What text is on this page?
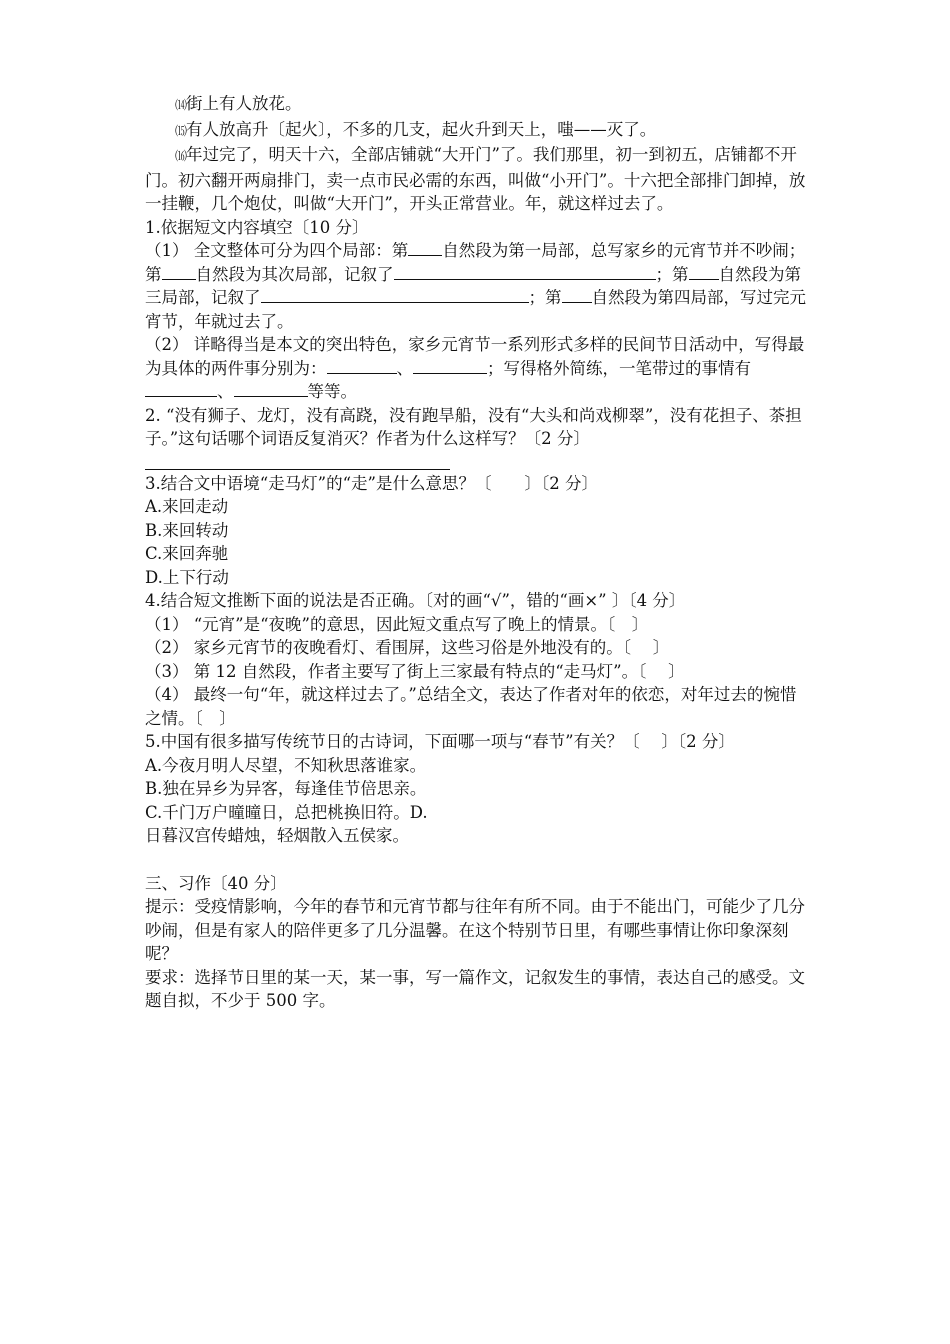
⒁街上有人放花。

⒂有人放高升〔起火〕，不多的几支，起火升到天上，嗤——灭了。

⒃年过完了，明天十六，全部店铺就“大开门”了。我们那里，初一到初五，店铺都不开门。初六翻开两扇排门，卖一点市民必需的东西，叫做“小开门”。十六把全部排门卸掉，放一挂鞭，几个炮仗，叫做“大开门”，开头正常营业。年，就这样过去了。

1.依据短文内容填空〔10 分〕

（1） 全文整体可分为四个局部：第 自然段为第一局部，总写家乡的元宵节并不吵闹；第 自然段为其次局部，记叙了	；第 自然段为第三局部，记叙了	；第 自然段为第四局部，写过完元宵节，年就过去了。

（2） 详略得当是本文的突出特色，家乡元宵节一系列形式多样的民间节日活动中，写得最为具体的两件事分别为：	、	；写得格外简练，一笔带过的事情有、	等等。

2. “没有狮子、龙灯，没有高跷，没有跑旱船，没有“大头和尚戏柳翠”，没有花担子、茶担子。”这句话哪个词语反复消灭？作者为什么这样写？〔2 分〕

3.结合文中语境“走马灯”的“走”是什么意思？〔　　〕〔2 分〕

A.来回走动

B.来回转动

C.来回奔驰

D.上下行动

4.结合短文推断下面的说法是否正确。〔对的画“√”，错的“画×” 〕〔4 分〕

（1） “元宵”是“夜晚”的意思，因此短文重点写了晚上的情景。〔　〕

（2） 家乡元宵节的夜晚看灯、看围屏，这些习俗是外地没有的。〔　 〕

（3） 第 12 自然段，作者主要写了街上三家最有特点的“走马灯”。〔　 〕

（4） 最终一句“年，就这样过去了。”总结全文，表达了作者对年的依恋，对年过去的惋惜之情。〔　〕

5.中国有很多描写传统节日的古诗词，下面哪一项与“春节”有关？〔　 〕〔2 分〕

A.今夜月明人尽望，不知秋思落谁家。

B.独在异乡为异客，每逢佳节倍思亲。

C.千门万户曈曈日，总把桃换旧符。D.

日暮汉宫传蜡烛，轻烟散入五侯家。

三、习作〔40 分〕

提示：受疫情影响，今年的春节和元宵节都与往年有所不同。由于不能出门，可能少了几分吵闹，但是有家人的陪伴更多了几分温馨。在这个特别节日里，有哪些事情让你印象深刻呢？

要求：选择节日里的某一天，某一事，写一篇作文，记叙发生的事情，表达自己的感受。文题自拟，不少于 500 字。
